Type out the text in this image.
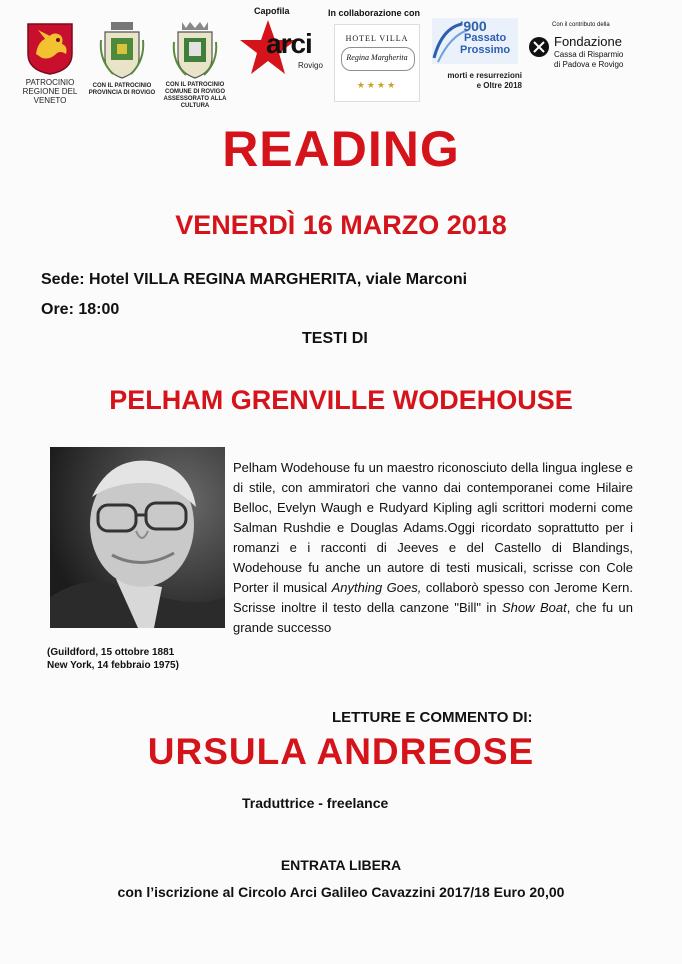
PATROCINIO
REGIONE DEL VENETO
CON IL PATROCINIO
PROVINCIA DI ROVIGO
CON IL PATROCINIO
COMUNE DI ROVIGO
ASSESSORATO ALLA CULTURA
Capofila
arci
Rovigo
In collaborazione con
HOTEL VILLA
Regina Margherita
★★★★
'900
Passato
Prossimo
morti e resurrezioni
e Oltre 2018
Con il contributo della
Fondazione
Cassa di Risparmio
di Padova e Rovigo
READING
VENERDÌ 16 MARZO 2018
Sede: Hotel VILLA REGINA MARGHERITA, viale Marconi
Ore: 18:00
TESTI DI
PELHAM GRENVILLE WODEHOUSE
Pelham Wodehouse fu un maestro riconosciuto della lingua inglese e di stile, con ammiratori che vanno dai contemporanei come Hilaire Belloc, Evelyn Waugh e Rudyard Kipling agli scrittori moderni come Salman Rushdie e Douglas Adams.Oggi ricordato soprattutto per i romanzi e i racconti di Jeeves e del Castello di Blandings, Wodehouse fu anche un autore di testi musicali, scrisse con Cole Porter il musical Anything Goes, collaborò spesso con Jerome Kern. Scrisse inoltre il testo della canzone "Bill" in Show Boat, che fu un grande successo
(Guildford, 15 ottobre 1881
New York, 14 febbraio 1975)
LETTURE E COMMENTO DI:
URSULA ANDREOSE
Traduttrice - freelance
ENTRATA LIBERA
con l’iscrizione al Circolo Arci Galileo Cavazzini 2017/18 Euro 20,00
